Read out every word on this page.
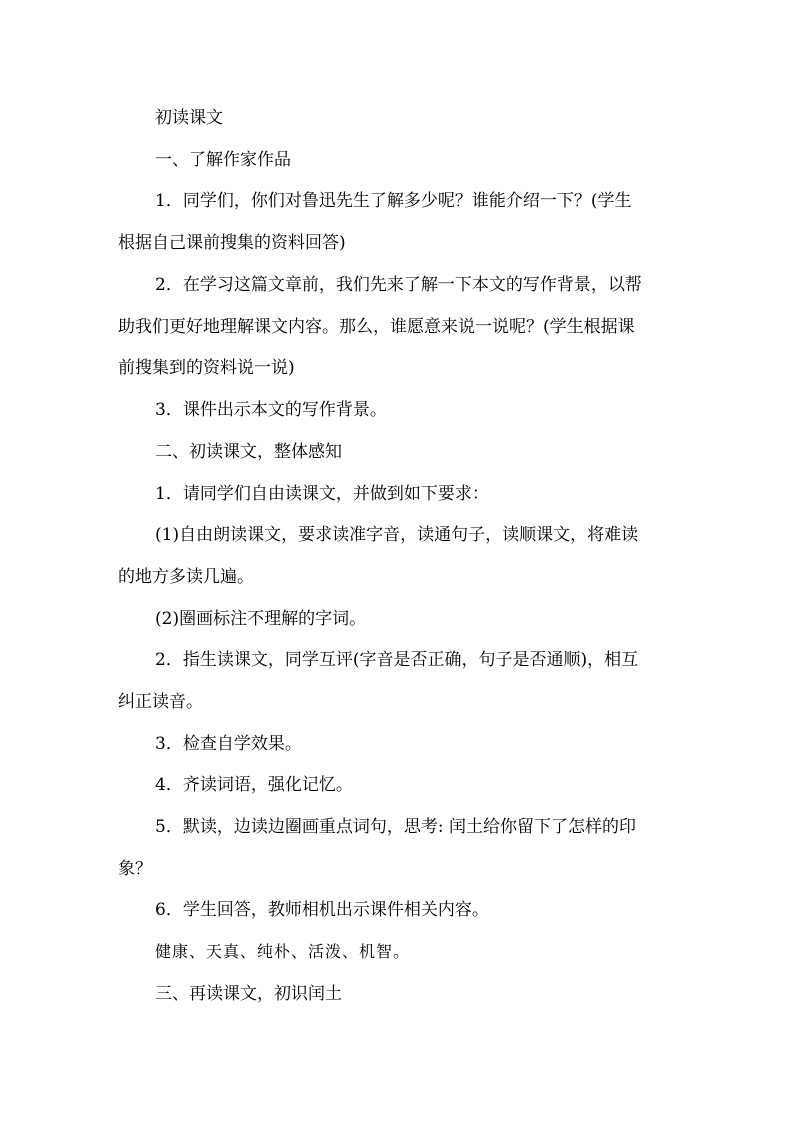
初读课文
一、了解作家作品
1．同学们，你们对鲁迅先生了解多少呢？谁能介绍一下？(学生
根据自己课前搜集的资料回答)
2．在学习这篇文章前，我们先来了解一下本文的写作背景，以帮
助我们更好地理解课文内容。那么，谁愿意来说一说呢？(学生根据课
前搜集到的资料说一说)
3．课件出示本文的写作背景。
二、初读课文，整体感知
1．请同学们自由读课文，并做到如下要求：
(1)自由朗读课文，要求读准字音，读通句子，读顺课文，将难读
的地方多读几遍。
(2)圈画标注不理解的字词。
2．指生读课文，同学互评(字音是否正确，句子是否通顺)，相互
纠正读音。
3．检查自学效果。
4．齐读词语，强化记忆。
5．默读，边读边圈画重点词句，思考: 闰土给你留下了怎样的印
象？
6．学生回答，教师相机出示课件相关内容。
健康、天真、纯朴、活泼、机智。
三、再读课文，初识闰土
